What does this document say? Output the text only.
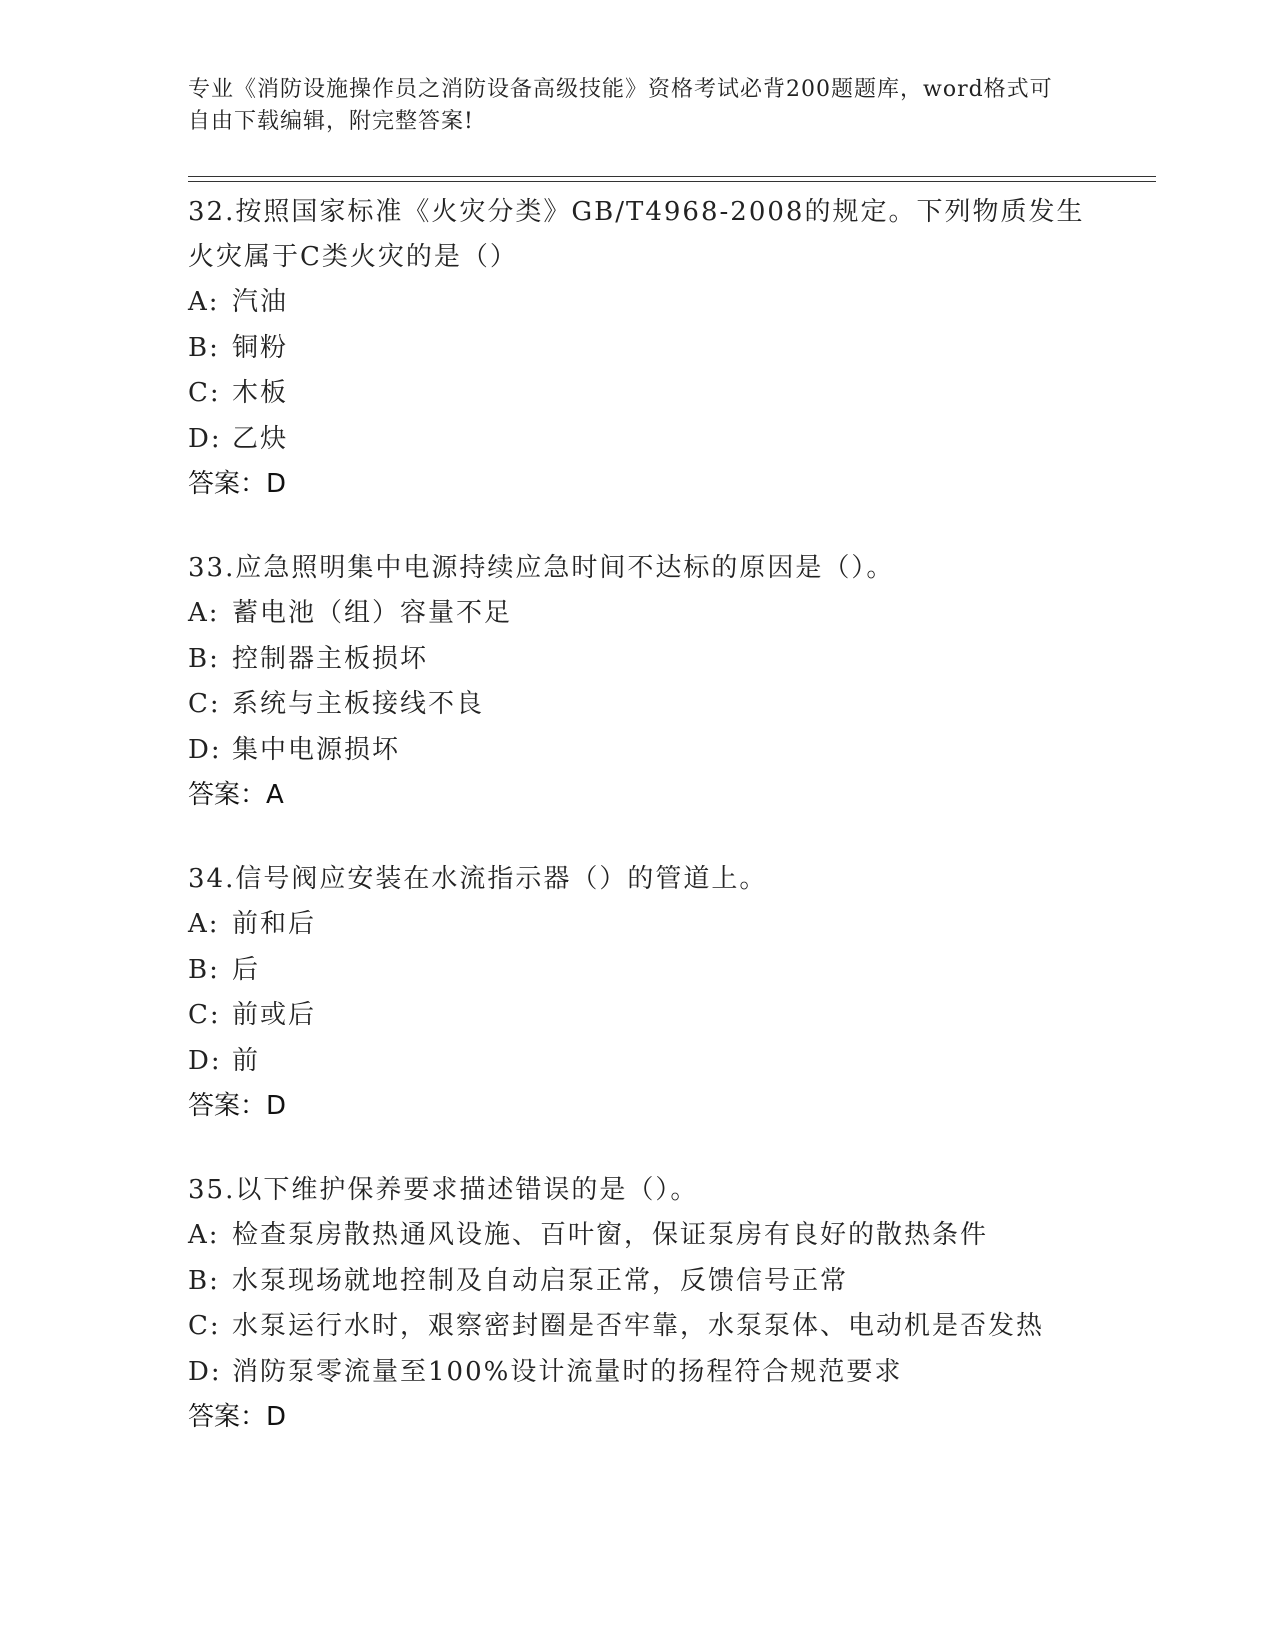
专业《消防设施操作员之消防设备高级技能》资格考试必背200题题库，word格式可自由下载编辑，附完整答案!

32.按照国家标准《火灾分类》GB/T4968-2008的规定。下列物质发生火灾属于C类火灾的是（）

A: 汽油

B: 铜粉

C: 木板

D: 乙炔

答案：D

33.应急照明集中电源持续应急时间不达标的原因是（）。

A: 蓄电池（组）容量不足

B: 控制器主板损坏

C: 系统与主板接线不良

D: 集中电源损坏

答案：A

34.信号阀应安装在水流指示器（）的管道上。

A: 前和后

B: 后

C: 前或后

D: 前

答案：D

35.以下维护保养要求描述错误的是（）。

A: 检查泵房散热通风设施、百叶窗，保证泵房有良好的散热条件

B: 水泵现场就地控制及自动启泵正常，反馈信号正常

C: 水泵运行水时，艰察密封圈是否牢靠，水泵泵体、电动机是否发热

D: 消防泵零流量至100%设计流量时的扬程符合规范要求

答案：D
